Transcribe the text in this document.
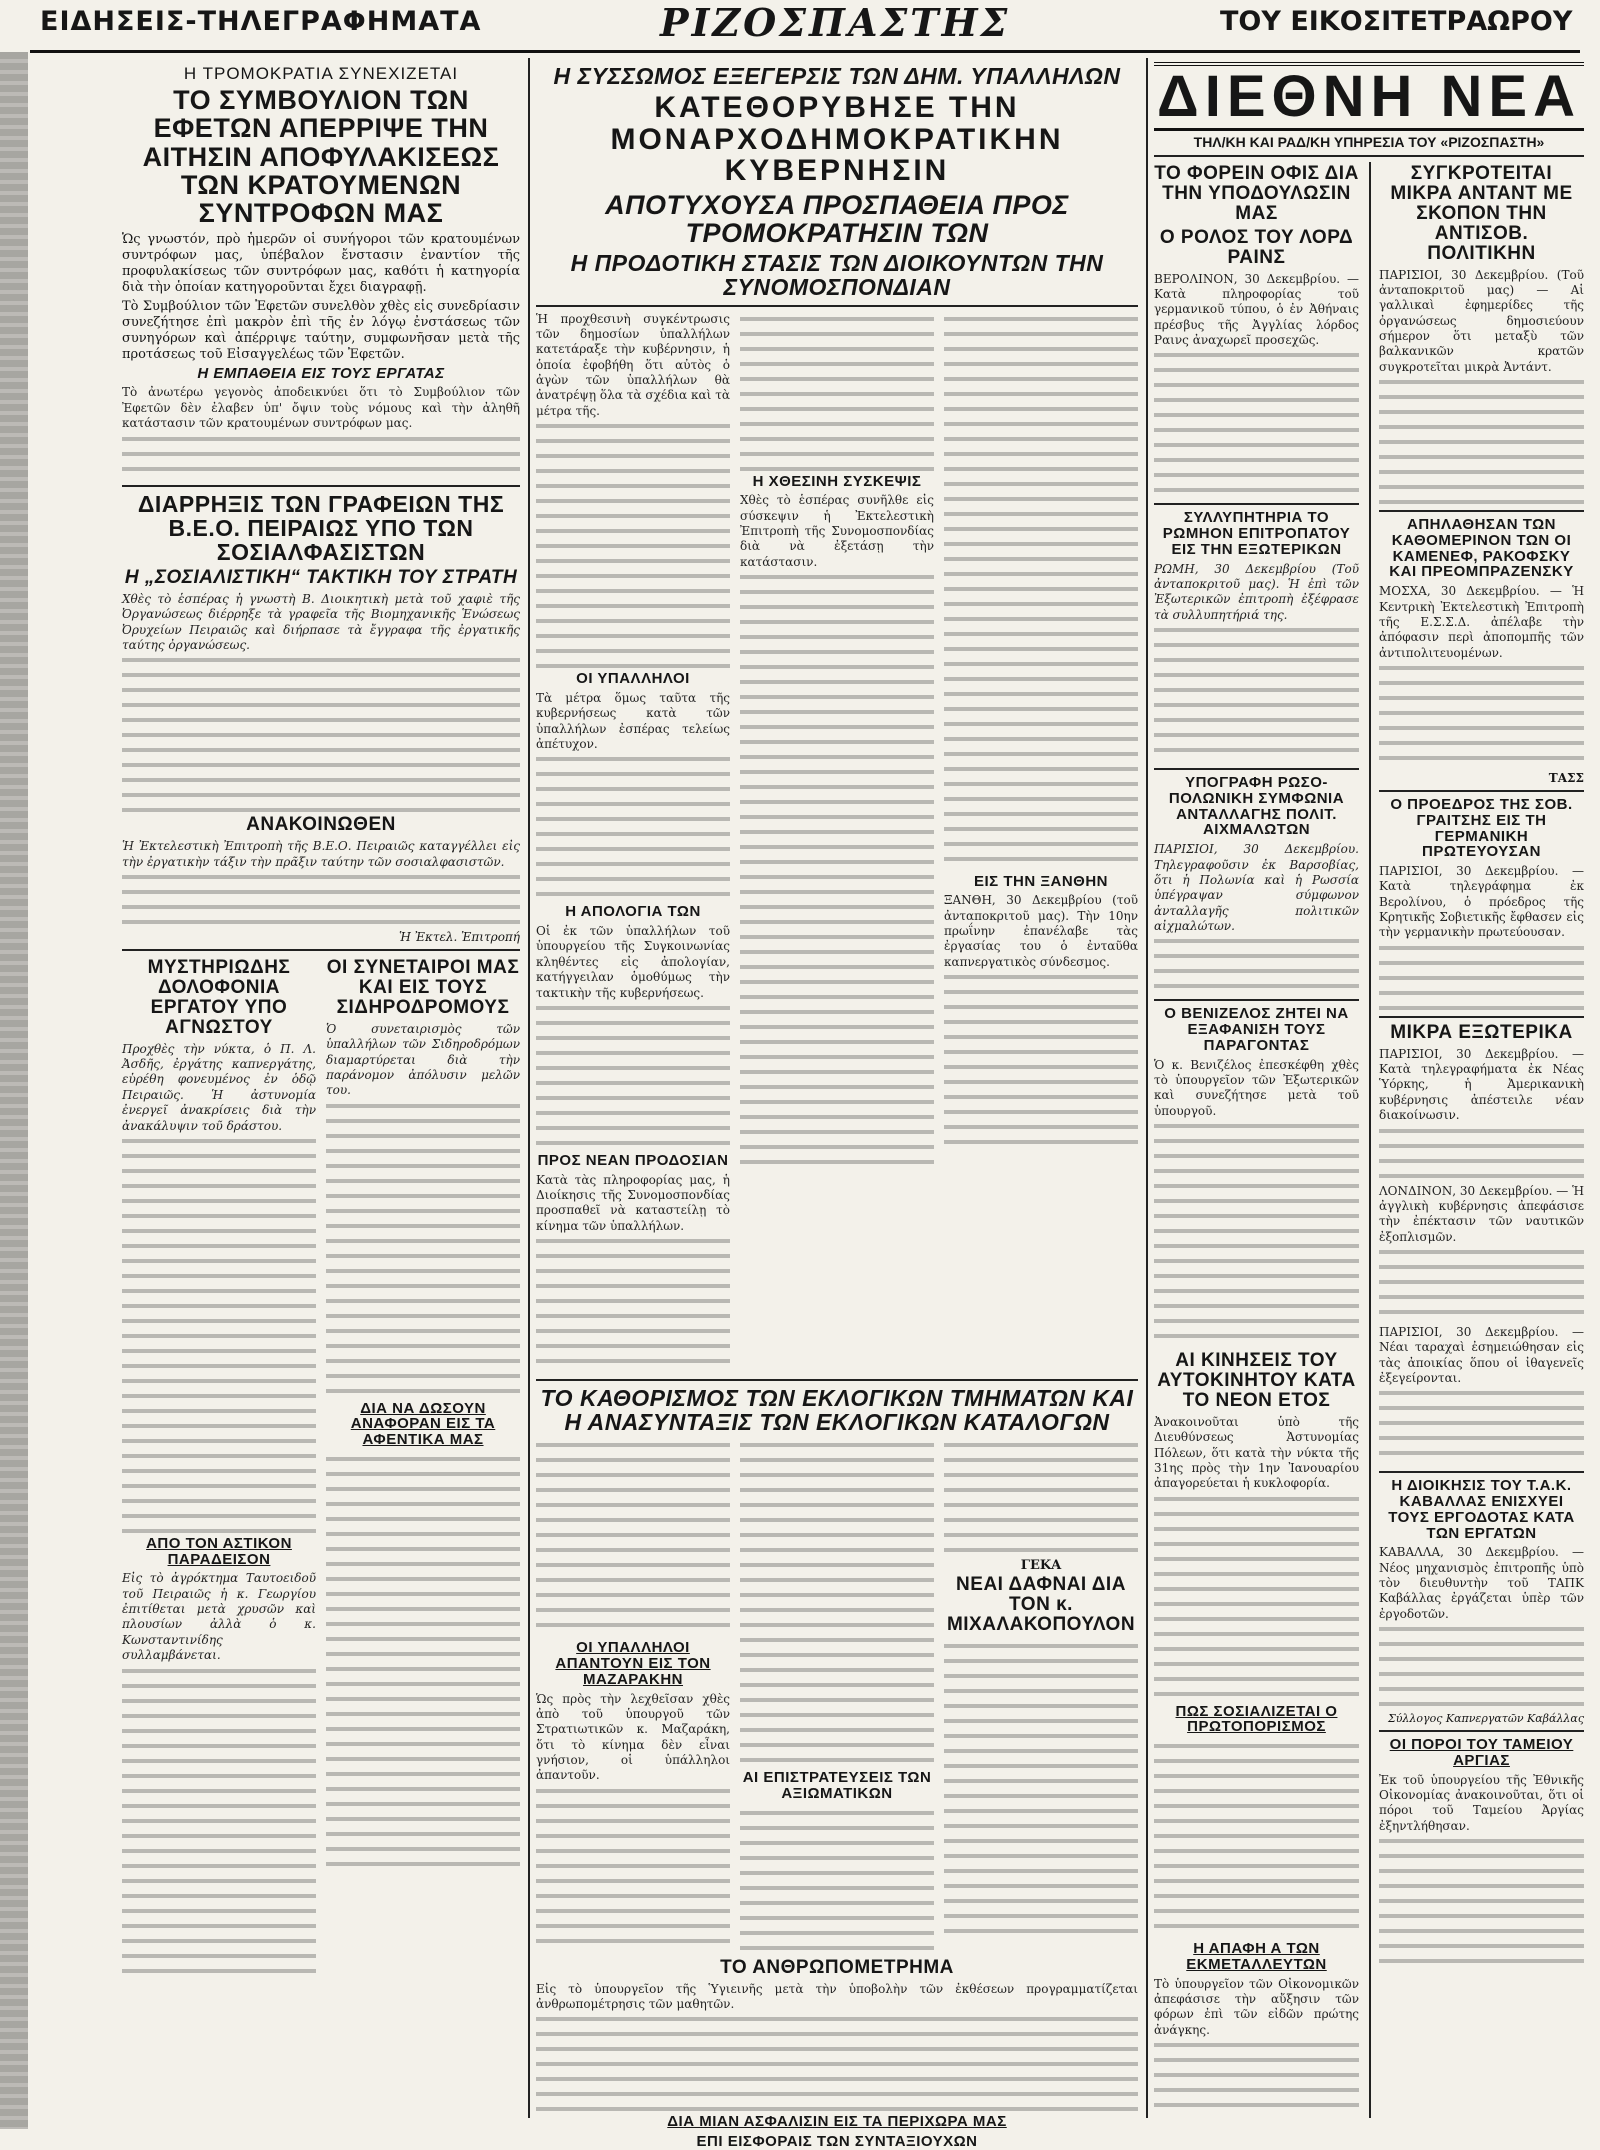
ΕΙΔΗΣΕΙΣ-ΤΗΛΕΓΡΑΦΗΜΑΤΑ	ΡΙΖΟΣΠΑΣΤΗΣ	ΤΟΥ ΕΙΚΟΣΙΤΕΤΡΑΩΡΟΥ
Η ΤΡΟΜΟΚΡΑΤΙΑ ΣΥΝΕΧΙΖΕΤΑΙ
ΤΟ ΣΥΜΒΟΥΛΙΟΝ ΤΩΝ ΕΦΕΤΩΝ ΑΠΕΡΡΙΨΕ ΤΗΝ ΑΙΤΗΣΙΝ ΑΠΟΦΥΛΑΚΙΣΕΩΣ ΤΩΝ ΚΡΑΤΟΥΜΕΝΩΝ ΣΥΝΤΡΟΦΩΝ ΜΑΣ

Ὡς γνωστόν, πρὸ ἡμερῶν οἱ συνήγοροι τῶν κρατουμένων συντρόφων μας, ὑπέβαλον ἔνστασιν ἐναντίον τῆς προφυλακίσεως τῶν συντρόφων μας, καθότι ἡ κατηγορία διὰ τὴν ὁποίαν κατηγοροῦνται ἔχει διαγραφῇ.

Τὸ Συμβούλιον τῶν Ἐφετῶν συνελθὸν χθὲς εἰς συνεδρίασιν συνεζήτησε ἐπὶ μακρὸν ἐπὶ τῆς ἐν λόγῳ ἐνστάσεως τῶν συνηγόρων καὶ ἀπέρριψε ταύτην, συμφωνῆσαν μετὰ τῆς προτάσεως τοῦ Εἰσαγγελέως τῶν Ἐφετῶν.

Η ΕΜΠΑΘΕΙΑ ΕΙΣ ΤΟΥΣ ΕΡΓΑΤΑΣ

Τὸ ἀνωτέρω γεγονὸς ἀποδεικνύει ὅτι τὸ Συμβούλιον τῶν Ἐφετῶν δὲν ἐλαβεν ὑπ' ὄψιν τοὺς νόμους καὶ τὴν ἀληθῆ κατάστασιν τῶν κρατουμένων συντρόφων μας.

ΔΙΑΡΡΗΞΙΣ ΤΩΝ ΓΡΑΦΕΙΩΝ ΤΗΣ Β.Ε.Ο. ΠΕΙΡΑΙΩΣ ΥΠΟ ΤΩΝ ΣΟΣΙΑΛΦΑΣΙΣΤΩΝ
Η „ΣΟΣΙΑΛΙΣΤΙΚΗ“ ΤΑΚΤΙΚΗ ΤΟΥ ΣΤΡΑΤΗ

Χθὲς τὸ ἑσπέρας ἡ γνωστὴ Β. Διοικητικὴ μετὰ τοῦ χαφιὲ τῆς Ὀργανώσεως διέρρηξε τὰ γραφεῖα τῆς Βιομηχανικῆς Ἑνώσεως Ὀρυχείων Πειραιῶς καὶ διήρπασε τὰ ἔγγραφα τῆς ἐργατικῆς ταύτης ὀργανώσεως.

ΑΝΑΚΟΙΝΩΘΕΝ

Ἡ Ἐκτελεστικὴ Ἐπιτροπὴ τῆς Β.Ε.Ο. Πειραιῶς καταγγέλλει εἰς τὴν ἐργατικὴν τάξιν τὴν πρᾶξιν ταύτην τῶν σοσιαλφασιστῶν.

Ἡ Ἐκτελ. Ἐπιτροπή
ΜΥΣΤΗΡΙΩΔΗΣ ΔΟΛΟΦΟΝΙΑ ΕΡΓΑΤΟΥ ΥΠΟ ΑΓΝΩΣΤΟΥ

Προχθὲς τὴν νύκτα, ὁ Π. Λ. Ἀσδῆς, ἐργάτης καπνεργάτης, εὑρέθη φονευμένος ἐν ὁδῷ Πειραιῶς. Ἡ ἀστυνομία ἐνεργεῖ ἀνακρίσεις διὰ τὴν ἀνακάλυψιν τοῦ δράστου.

ΑΠΟ ΤΟΝ ΑΣΤΙΚΟΝ ΠΑΡΑΔΕΙΣΟΝ

Εἰς τὸ ἀγρόκτημα Ταυτοειδοῦ τοῦ Πειραιῶς ἡ κ. Γεωργίου ἐπιτίθεται μετὰ χρυσῶν καὶ πλουσίων ἀλλὰ ὁ κ. Κωνσταντινίδης συλλαμβάνεται.

ΟΙ ΣΥΝΕΤΑΙΡΟΙ ΜΑΣ ΚΑΙ ΕΙΣ ΤΟΥΣ ΣΙΔΗΡΟΔΡΟΜΟΥΣ

Ὁ συνεταιρισμὸς τῶν ὑπαλλήλων τῶν Σιδηροδρόμων διαμαρτύρεται διὰ τὴν παράνομον ἀπόλυσιν μελῶν του.

ΔΙΑ ΝΑ ΔΩΣΟΥΝ ΑΝΑΦΟΡΑΝ ΕΙΣ ΤΑ ΑΦΕΝΤΙΚΑ ΜΑΣ
Η ΣΥΣΣΩΜΟΣ ΕΞΕΓΕΡΣΙΣ ΤΩΝ ΔΗΜ. ΥΠΑΛΛΗΛΩΝ
ΚΑΤΕΘΟΡΥΒΗΣΕ ΤΗΝ ΜΟΝΑΡΧΟΔΗΜΟΚΡΑΤΙΚΗΝ ΚΥΒΕΡΝΗΣΙΝ
ΑΠΟΤΥΧΟΥΣΑ ΠΡΟΣΠΑΘΕΙΑ ΠΡΟΣ ΤΡΟΜΟΚΡΑΤΗΣΙΝ ΤΩΝ
Η ΠΡΟΔΟΤΙΚΗ ΣΤΑΣΙΣ ΤΩΝ ΔΙΟΙΚΟΥΝΤΩΝ ΤΗΝ ΣΥΝΟΜΟΣΠΟΝΔΙΑΝ

Ἡ προχθεσινὴ συγκέντρωσις τῶν δημοσίων ὑπαλλήλων κατετάραξε τὴν κυβέρνησιν, ἡ ὁποία ἐφοβήθη ὅτι αὐτὸς ὁ ἀγὼν τῶν ὑπαλλήλων θὰ ἀνατρέψῃ ὅλα τὰ σχέδια καὶ τὰ μέτρα τῆς.

ΟΙ ΥΠΑΛΛΗΛΟΙ

Τὰ μέτρα ὅμως ταῦτα τῆς κυβερνήσεως κατὰ τῶν ὑπαλλήλων ἐσπέρας τελείως ἀπέτυχον.

Η ΑΠΟΛΟΓΙΑ ΤΩΝ

Οἱ ἐκ τῶν ὑπαλλήλων τοῦ ὑπουργείου τῆς Συγκοινωνίας κληθέντες εἰς ἀπολογίαν, κατήγγειλαν ὁμοθύμως τὴν τακτικὴν τῆς κυβερνήσεως.

ΠΡΟΣ ΝΕΑΝ ΠΡΟΔΟΣΙΑΝ

Κατὰ τὰς πληροφορίας μας, ἡ Διοίκησις τῆς Συνομοσπονδίας προσπαθεῖ νὰ καταστείλῃ τὸ κίνημα τῶν ὑπαλλήλων.

Η ΧΘΕΣΙΝΗ ΣΥΣΚΕΨΙΣ

Χθὲς τὸ ἑσπέρας συνῆλθε εἰς σύσκεψιν ἡ Ἐκτελεστικὴ Ἐπιτροπὴ τῆς Συνομοσπονδίας διὰ νὰ ἐξετάσῃ τὴν κατάστασιν.

ΕΙΣ ΤΗΝ ΞΑΝΘΗΝ

ΞΑΝΘΗ, 30 Δεκεμβρίου (τοῦ ἀνταποκριτοῦ μας). Τὴν 10ην πρωΐνην ἐπανέλαβε τὰς ἐργασίας του ὁ ἐνταῦθα καπνεργατικὸς σύνδεσμος.

ΤΟ ΚΑΘΟΡΙΣΜΟΣ ΤΩΝ ΕΚΛΟΓΙΚΩΝ ΤΜΗΜΑΤΩΝ ΚΑΙ Η ΑΝΑΣΥΝΤΑΞΙΣ ΤΩΝ ΕΚΛΟΓΙΚΩΝ ΚΑΤΑΛΟΓΩΝ
ΟΙ ΥΠΑΛΛΗΛΟΙ ΑΠΑΝΤΟΥΝ ΕΙΣ ΤΟΝ ΜΑΖΑΡΑΚΗΝ

Ὡς πρὸς τὴν λεχθεῖσαν χθὲς ἀπὸ τοῦ ὑπουργοῦ τῶν Στρατιωτικῶν κ. Μαζαράκη, ὅτι τὸ κίνημα δὲν εἶναι γνήσιον, οἱ ὑπάλληλοι ἀπαντοῦν.	ΑΙ ΕΠΙΣΤΡΑΤΕΥΣΕΙΣ ΤΩΝ ΑΞΙΩΜΑΤΙΚΩΝ
ΓΕΚΑ
ΝΕΑΙ ΔΑΦΝΑΙ ΔΙΑ ΤΟΝ κ. ΜΙΧΑΛΑΚΟΠΟΥΛΟΝ
ΤΟ ΑΝΘΡΩΠΟΜΕΤΡΗΜΑ

Εἰς τὸ ὑπουργεῖον τῆς Ὑγιεινῆς μετὰ τὴν ὑποβολὴν τῶν ἐκθέσεων προγραμματίζεται ἀνθρωπομέτρησις τῶν μαθητῶν.

ΔΙΑ ΜΙΑΝ ΑΣΦΑΛΙΣΙΝ ΕΙΣ ΤΑ ΠΕΡΙΧΩΡΑ ΜΑΣ
ΕΠΙ ΕΙΣΦΟΡΑΙΣ ΤΩΝ ΣΥΝΤΑΞΙΟΥΧΩΝ
ΔΙΕΘΝΗ ΝΕΑ
ΤΗΛ/ΚΗ ΚΑΙ ΡΑΔ/ΚΗ ΥΠΗΡΕΣΙΑ ΤΟΥ «ΡΙΖΟΣΠΑΣΤΗ»
ΤΟ ΦΟΡΕΙΝ ΟΦΙΣ ΔΙΑ ΤΗΝ ΥΠΟΔΟΥΛΩΣΙΝ ΜΑΣ
Ο ΡΟΛΟΣ ΤΟΥ ΛΟΡΔ ΡΑΙΝΣ

ΒΕΡΟΛΙΝΟΝ, 30 Δεκεμβρίου. — Κατὰ πληροφορίας τοῦ γερμανικοῦ τύπου, ὁ ἐν Ἀθήναις πρέσβυς τῆς Ἀγγλίας λόρδος Ραινς ἀναχωρεῖ προσεχῶς.

ΣΥΛΛΥΠΗΤΗΡΙΑ ΤΟ ΡΩΜΗΟΝ ΕΠΙΤΡΟΠΑΤΟΥ ΕΙΣ ΤΗΝ ΕΞΩΤΕΡΙΚΩΝ

ΡΩΜΗ, 30 Δεκεμβρίου (Τοῦ ἀνταποκριτοῦ μας). Ἡ ἐπὶ τῶν Ἐξωτερικῶν ἐπιτροπὴ ἐξέφρασε τὰ συλλυπητήριά της.

ΥΠΟΓΡΑΦΗ ΡΩΣΟ-ΠΟΛΩΝΙΚΗ ΣΥΜΦΩΝΙΑ ΑΝΤΑΛΛΑΓΗΣ ΠΟΛΙΤ. ΑΙΧΜΑΛΩΤΩΝ

ΠΑΡΙΣΙΟΙ, 30 Δεκεμβρίου. Τηλεγραφοῦσιν ἐκ Βαρσοβίας, ὅτι ἡ Πολωνία καὶ ἡ Ρωσσία ὑπέγραψαν σύμφωνον ἀνταλλαγῆς πολιτικῶν αἰχμαλώτων.

Ο ΒΕΝΙΖΕΛΟΣ ΖΗΤΕΙ ΝΑ ΕΞΑΦΑΝΙΣΗ ΤΟΥΣ ΠΑΡΑΓΟΝΤΑΣ

Ὁ κ. Βενιζέλος ἐπεσκέφθη χθὲς τὸ ὑπουργεῖον τῶν Ἐξωτερικῶν καὶ συνεζήτησε μετὰ τοῦ ὑπουργοῦ.

ΑΙ ΚΙΝΗΣΕΙΣ ΤΟΥ ΑΥΤΟΚΙΝΗΤΟΥ ΚΑΤΑ ΤΟ ΝΕΟΝ ΕΤΟΣ

Ἀνακοινοῦται ὑπὸ τῆς Διευθύνσεως Ἀστυνομίας Πόλεων, ὅτι κατὰ τὴν νύκτα τῆς 31ης πρὸς τὴν 1ην Ἰανουαρίου ἀπαγορεύεται ἡ κυκλοφορία.

ΠΩΣ ΣΟΣΙΑΛΙΖΕΤΑΙ Ο ΠΡΩΤΟΠΟΡΙΣΜΟΣ
Η ΑΠΑΦΗ Α ΤΩΝ ΕΚΜΕΤΑΛΛΕΥΤΩΝ

Τὸ ὑπουργεῖον τῶν Οἰκονομικῶν ἀπεφάσισε τὴν αὔξησιν τῶν φόρων ἐπὶ τῶν εἰδῶν πρώτης ἀνάγκης.

ΣΥΓΚΡΟΤΕΙΤΑΙ ΜΙΚΡΑ ΑΝΤΑΝΤ ΜΕ ΣΚΟΠΟΝ ΤΗΝ ΑΝΤΙΣΟΒ. ΠΟΛΙΤΙΚΗΝ

ΠΑΡΙΣΙΟΙ, 30 Δεκεμβρίου. (Τοῦ ἀνταποκριτοῦ μας) — Αἱ γαλλικαὶ ἐφημερίδες τῆς ὀργανώσεως δημοσιεύουν σήμερον ὅτι μεταξὺ τῶν βαλκανικῶν κρατῶν συγκροτεῖται μικρὰ Ἀντάντ.

ΑΠΗΛΑΘΗΣΑΝ ΤΩΝ ΚΑΘΟΜΕΡΙΝΟΝ ΤΩΝ ΟΙ ΚΑΜΕΝΕΦ, ΡΑΚΟΦΣΚΥ ΚΑΙ ΠΡΕΟΜΠΡΑΖΕΝΣΚΥ

ΜΟΣΧΑ, 30 Δεκεμβρίου. — Ἡ Κεντρικὴ Ἐκτελεστικὴ Ἐπιτροπὴ τῆς Ε.Σ.Σ.Δ. ἀπέλαβε τὴν ἀπόφασιν περὶ ἀποπομπῆς τῶν ἀντιπολιτευομένων.

ΤΑΣΣ
Ο ΠΡΟΕΔΡΟΣ ΤΗΣ ΣΟΒ. ΓΡΑΙΤΣΗΣ ΕΙΣ ΤΗ ΓΕΡΜΑΝΙΚΗ ΠΡΩΤΕΥΟΥΣΑΝ

ΠΑΡΙΣΙΟΙ, 30 Δεκεμβρίου. — Κατὰ τηλεγράφημα ἐκ Βερολίνου, ὁ πρόεδρος τῆς Κρητικῆς Σοβιετικῆς ἔφθασεν εἰς τὴν γερμανικὴν πρωτεύουσαν.

ΜΙΚΡΑ ΕΞΩΤΕΡΙΚΑ

ΠΑΡΙΣΙΟΙ, 30 Δεκεμβρίου. — Κατὰ τηλεγραφήματα ἐκ Νέας Ὑόρκης, ἡ Ἀμερικανικὴ κυβέρνησις ἀπέστειλε νέαν διακοίνωσιν.

ΛΟΝΔΙΝΟΝ, 30 Δεκεμβρίου. — Ἡ ἀγγλικὴ κυβέρνησις ἀπεφάσισε τὴν ἐπέκτασιν τῶν ναυτικῶν ἐξοπλισμῶν.

ΠΑΡΙΣΙΟΙ, 30 Δεκεμβρίου. — Νέαι ταραχαὶ ἐσημειώθησαν εἰς τὰς ἀποικίας ὅπου οἱ ἰθαγενεῖς ἐξεγείρονται.

Η ΔΙΟΙΚΗΣΙΣ ΤΟΥ Τ.Α.Κ. ΚΑΒΑΛΛΑΣ ΕΝΙΣΧΥΕΙ ΤΟΥΣ ΕΡΓΟΔΟΤΑΣ ΚΑΤΑ ΤΩΝ ΕΡΓΑΤΩΝ

ΚΑΒΑΛΛΑ, 30 Δεκεμβρίου. — Νέος μηχανισμὸς ἐπιτροπῆς ὑπὸ τὸν διευθυντὴν τοῦ ΤΑΠΚ Καβάλλας ἐργάζεται ὑπὲρ τῶν ἐργοδοτῶν.

Σύλλογος Καπνεργατῶν Καβάλλας
ΟΙ ΠΟΡΟΙ ΤΟΥ ΤΑΜΕΙΟΥ ΑΡΓΙΑΣ

Ἐκ τοῦ ὑπουργείου τῆς Ἐθνικῆς Οἰκονομίας ἀνακοινοῦται, ὅτι οἱ πόροι τοῦ Ταμείου Ἀργίας ἐξηντλήθησαν.
